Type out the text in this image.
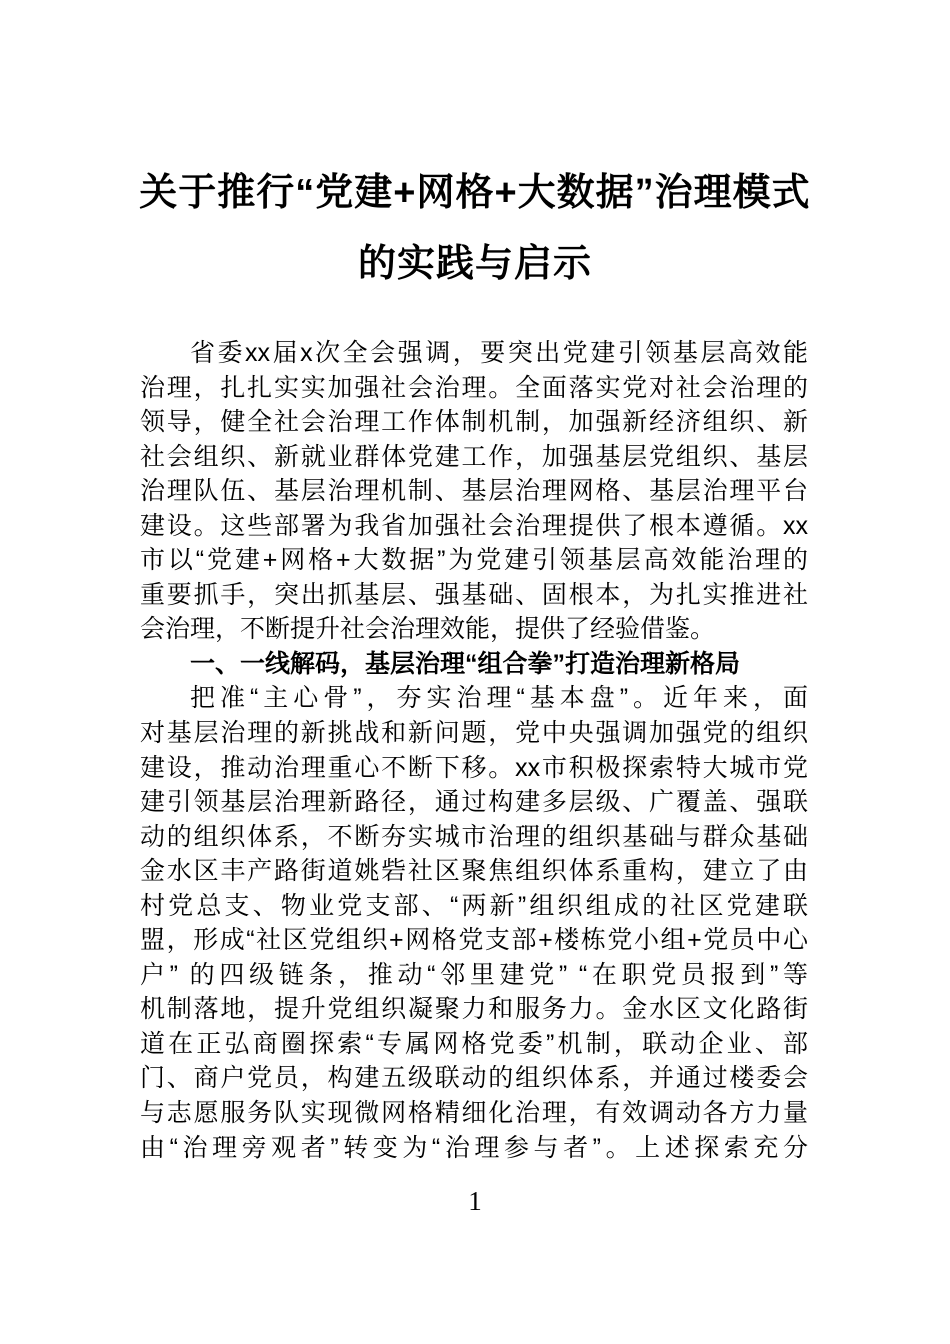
关于推行“党建+网格+大数据”治理模式
的实践与启示
省委xx届x次全会强调，要突出党建引领基层高效能
治理，扎扎实实加强社会治理。全面落实党对社会治理的
领导，健全社会治理工作体制机制，加强新经济组织、新
社会组织、新就业群体党建工作，加强基层党组织、基层
治理队伍、基层治理机制、基层治理网格、基层治理平台
建设。这些部署为我省加强社会治理提供了根本遵循。xx
市以“党建+网格+大数据”为党建引领基层高效能治理的
重要抓手，突出抓基层、强基础、固根本，为扎实推进社
会治理，不断提升社会治理效能，提供了经验借鉴。
一、一线解码，基层治理“组合拳”打造治理新格局
把准“主心骨”，夯实治理“基本盘”。近年来，面
对基层治理的新挑战和新问题，党中央强调加强党的组织
建设，推动治理重心不断下移。xx市积极探索特大城市党
建引领基层治理新路径，通过构建多层级、广覆盖、强联
动的组织体系，不断夯实城市治理的组织基础与群众基础
金水区丰产路街道姚砦社区聚焦组织体系重构，建立了由
村党总支、物业党支部、“两新”组织组成的社区党建联
盟，形成“社区党组织+网格党支部+楼栋党小组+党员中心
户” 的四级链条，推动“邻里建党” “在职党员报到”等
机制落地，提升党组织凝聚力和服务力。金水区文化路街
道在正弘商圈探索“专属网格党委”机制，联动企业、部
门、商户党员，构建五级联动的组织体系，并通过楼委会
与志愿服务队实现微网格精细化治理，有效调动各方力量
由“治理旁观者”转变为“治理参与者”。上述探索充分
1
